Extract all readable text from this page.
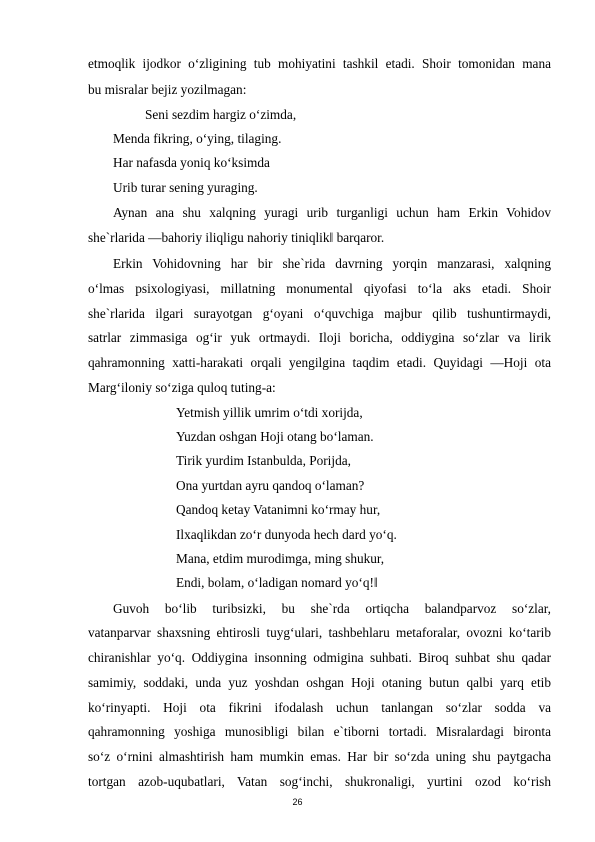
etmoqlik ijodkor o‘zligining tub mohiyatini tashkil etadi. Shoir tomonidan mana
bu misralar bejiz yozilmagan:
Seni sezdim hargiz o‘zimda,
Menda fikring, o‘ying, tilaging.
Har nafasda yoniq ko‘ksimda
Urib turar sening yuraging.
Aynan ana shu xalqning yuragi urib turganligi uchun ham Erkin Vohidov
she`rlarida ―bahoriy iliqligu nahoriy tiniqlik‖ barqaror.
Erkin Vohidovning har bir she`rida davrning yorqin manzarasi, xalqning
o‘lmas psixologiyasi, millatning monumental qiyofasi to‘la aks etadi. Shoir
she`rlarida ilgari surayotgan g‘oyani o‘quvchiga majbur qilib tushuntirmaydi,
satrlar zimmasiga og‘ir yuk ortmaydi. Iloji boricha, oddiygina so‘zlar va lirik
qahramonning xatti-harakati orqali yengilgina taqdim etadi. Quyidagi ―Hoji ota
Marg‘iloniy so‘ziga quloq tuting-a:
Yetmish yillik umrim o‘tdi xorijda,
Yuzdan oshgan Hoji otang bo‘laman.
Tirik yurdim Istanbulda, Porijda,
Ona yurtdan ayru qandoq o‘laman?
Qandoq ketay Vatanimni ko‘rmay hur,
Ilxaqlikdan zo‘r dunyoda hech dard yo‘q.
Mana, etdim murodimga, ming shukur,
Endi, bolam, o‘ladigan nomard yo‘q!‖
Guvoh bo‘lib turibsizki, bu she`rda ortiqcha balandparvoz so‘zlar,
vatanparvar shaxsning ehtirosli tuyg‘ulari, tashbehlaru metaforalar, ovozni ko‘tarib
chiranishlar yo‘q. Oddiygina insonning odmigina suhbati. Biroq suhbat shu qadar
samimiy, soddaki, unda yuz yoshdan oshgan Hoji otaning butun qalbi yarq etib
ko‘rinyapti. Hoji ota fikrini ifodalash uchun tanlangan so‘zlar sodda va
qahramonning yoshiga munosibligi bilan e`tiborni tortadi. Misralardagi bironta
so‘z o‘rnini almashtirish ham mumkin emas. Har bir so‘zda uning shu paytgacha
tortgan azob-uqubatlari, Vatan sog‘inchi, shukronaligi, yurtini ozod ko‘rish
26
